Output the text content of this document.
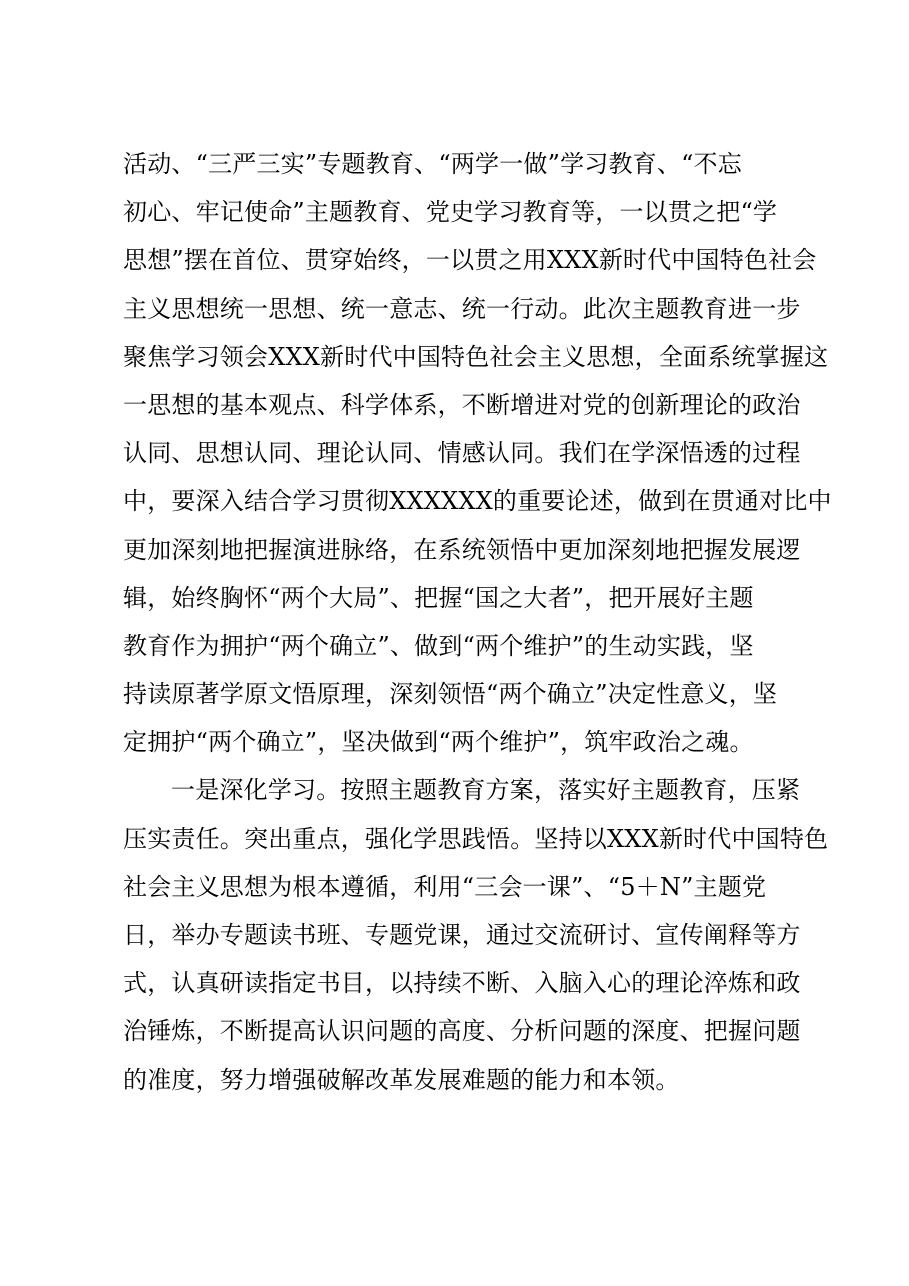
活动、“三严三实”专题教育、“两学一做”学习教育、“不忘
初心、牢记使命”主题教育、党史学习教育等，一以贯之把“学
思想”摆在首位、贯穿始终，一以贯之用XXX新时代中国特色社会
主义思想统一思想、统一意志、统一行动。此次主题教育进一步
聚焦学习领会XXX新时代中国特色社会主义思想，全面系统掌握这
一思想的基本观点、科学体系，不断增进对党的创新理论的政治
认同、思想认同、理论认同、情感认同。我们在学深悟透的过程
中，要深入结合学习贯彻XXXXXX的重要论述，做到在贯通对比中
更加深刻地把握演进脉络，在系统领悟中更加深刻地把握发展逻
辑，始终胸怀“两个大局”、把握“国之大者”，把开展好主题
教育作为拥护“两个确立”、做到“两个维护”的生动实践，坚
持读原著学原文悟原理，深刻领悟“两个确立”决定性意义，坚
定拥护“两个确立”，坚决做到“两个维护”，筑牢政治之魂。
一是深化学习。按照主题教育方案，落实好主题教育，压紧
压实责任。突出重点，强化学思践悟。坚持以XXX新时代中国特色
社会主义思想为根本遵循，利用“三会一课”、“5＋N”主题党
日，举办专题读书班、专题党课，通过交流研讨、宣传阐释等方
式，认真研读指定书目，以持续不断、入脑入心的理论淬炼和政
治锤炼，不断提高认识问题的高度、分析问题的深度、把握问题
的准度，努力增强破解改革发展难题的能力和本领。
